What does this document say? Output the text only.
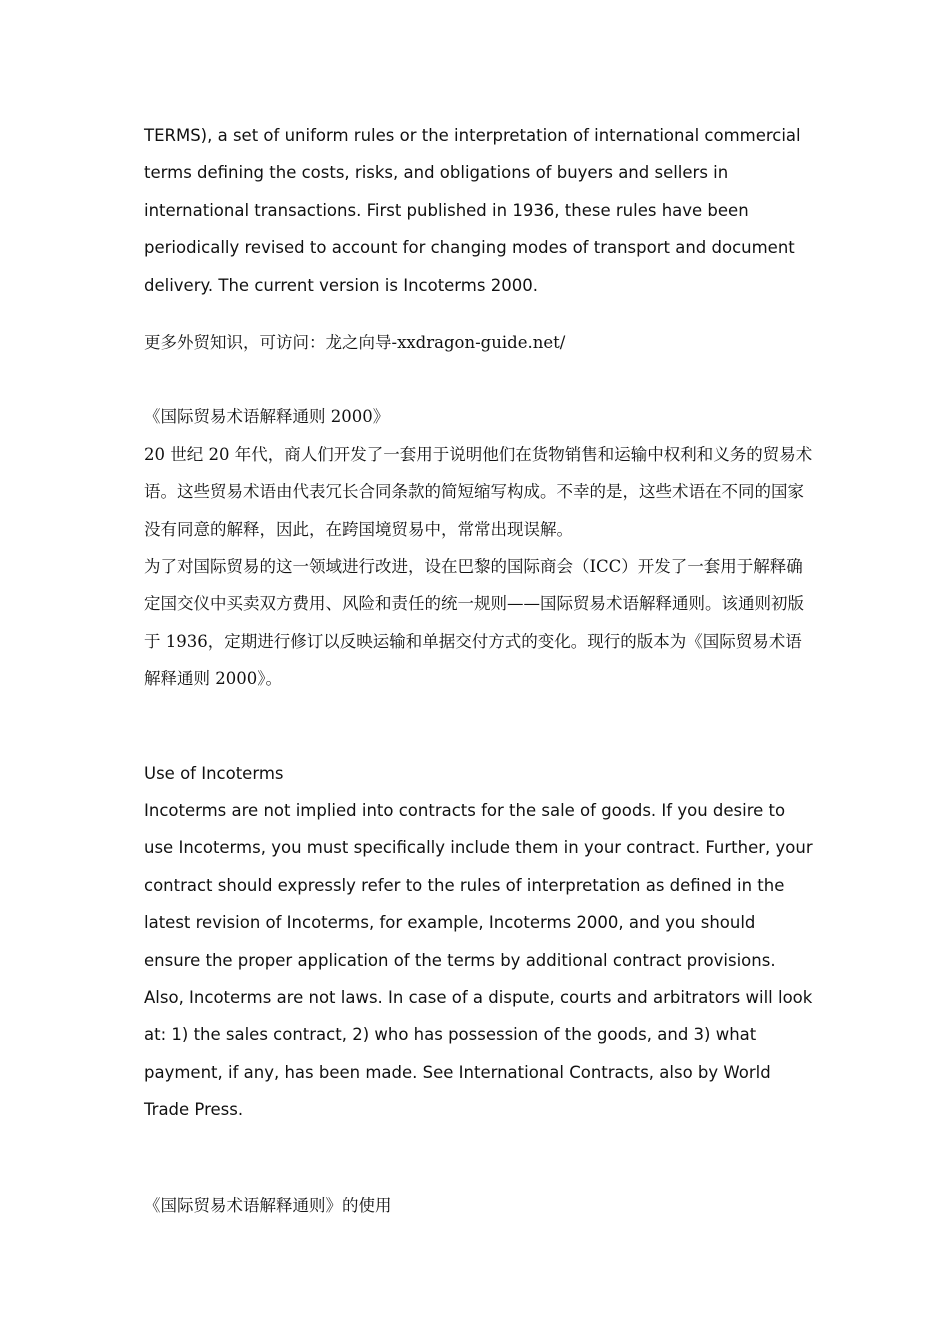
TERMS), a set of uniform rules or the interpretation of international commercial terms defining the costs, risks, and obligations of buyers and sellers in international transactions. First published in 1936, these rules have been periodically revised to account for changing modes of transport and document delivery. The current version is Incoterms 2000.

更多外贸知识，可访问：龙之向导-xxdragon-guide.net/

《国际贸易术语解释通则 2000》

20 世纪 20 年代，商人们开发了一套用于说明他们在货物销售和运输中权利和义务的贸易术语。这些贸易术语由代表冗长合同条款的简短缩写构成。不幸的是，这些术语在不同的国家没有同意的解释，因此，在跨国境贸易中，常常出现误解。

为了对国际贸易的这一领域进行改进，设在巴黎的国际商会（ICC）开发了一套用于解释确定国交仪中买卖双方费用、风险和责任的统一规则——国际贸易术语解释通则。该通则初版于 1936，定期进行修订以反映运输和单据交付方式的变化。现行的版本为《国际贸易术语解释通则 2000》。

Use of Incoterms

Incoterms are not implied into contracts for the sale of goods. If you desire to use Incoterms, you must specifically include them in your contract. Further, your contract should expressly refer to the rules of interpretation as defined in the latest revision of Incoterms, for example, Incoterms 2000, and you should ensure the proper application of the terms by additional contract provisions. Also, Incoterms are not laws. In case of a dispute, courts and arbitrators will look at: 1) the sales contract, 2) who has possession of the goods, and 3) what payment, if any, has been made. See International Contracts, also by World Trade Press.

《国际贸易术语解释通则》的使用
